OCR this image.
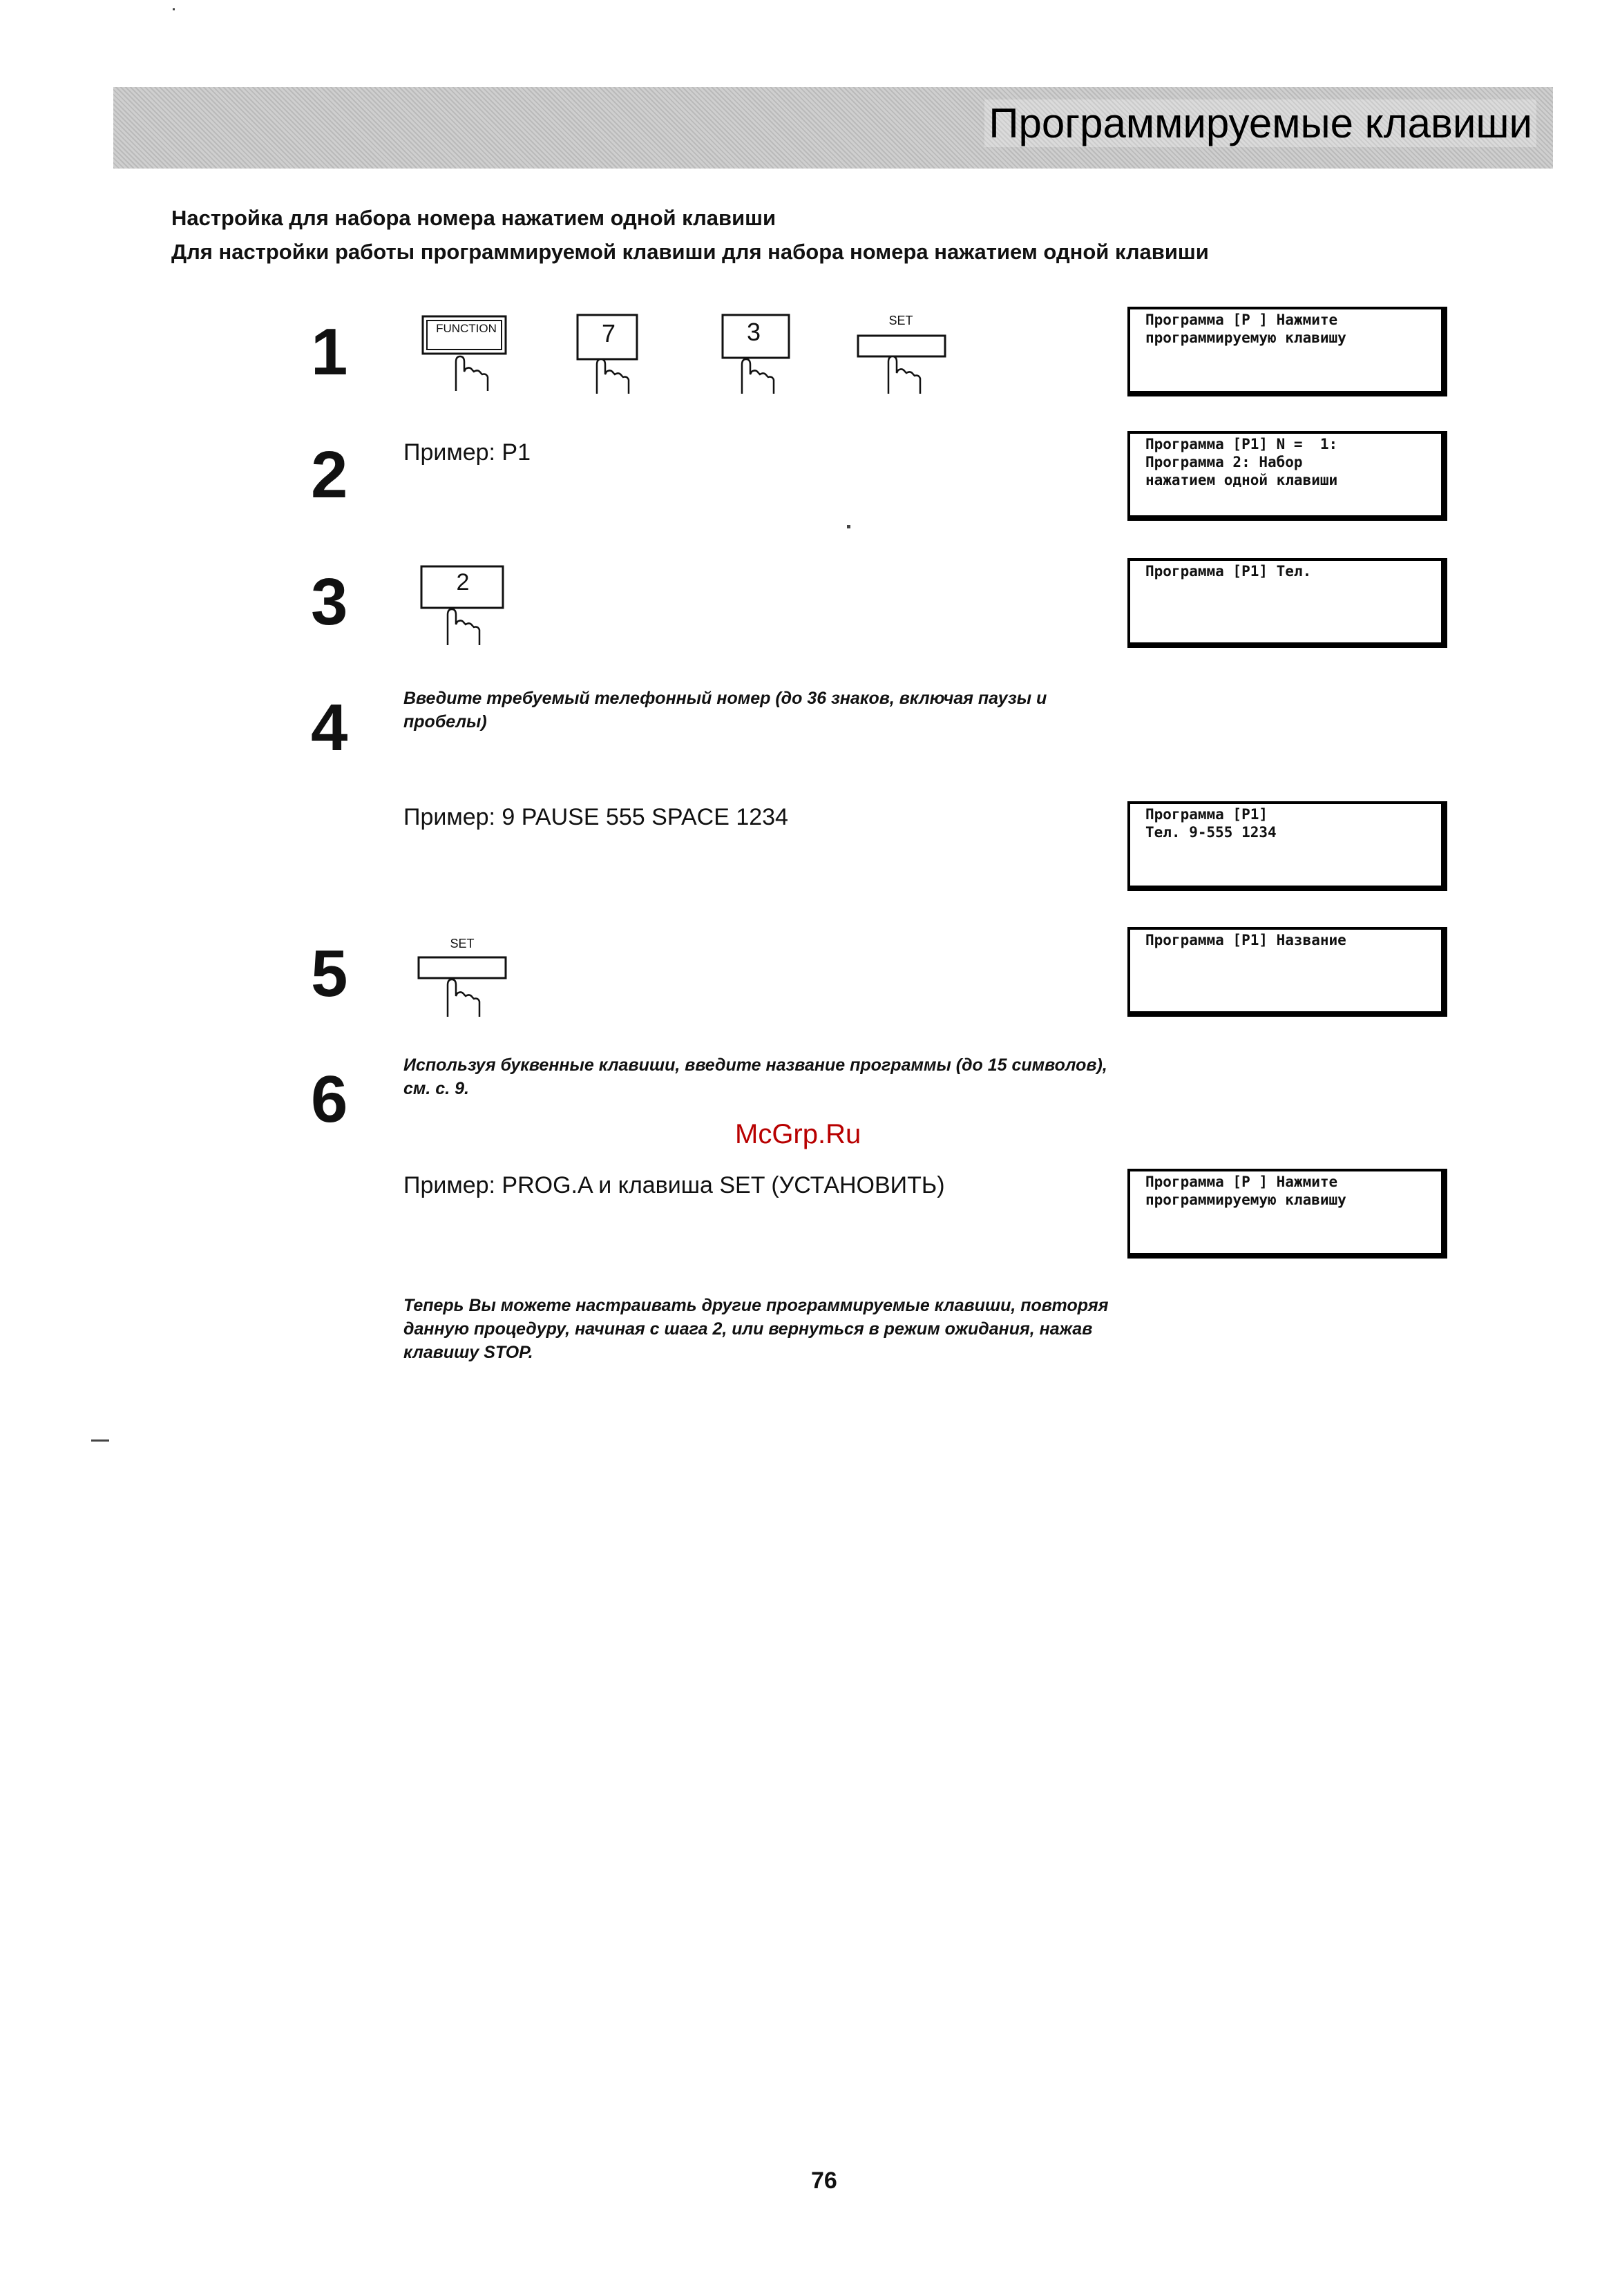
Программируемые клавиши
Настройка для набора номера нажатием одной клавиши
Для настройки работы программируемой клавиши для набора номера нажатием одной клавиши
1	FUNCTION	7	3	SET	Программа [P ] Нажмите
программируемую клавишу
2 Пример: P1	Программа [P1] N =  1:
Программа 2: Набор
нажатием одной клавиши
3	2	Программа [P1] Тел.
4	Введите требуемый телефонный номер (до 36 знаков, включая паузы и пробелы)
Пример: 9 PAUSE 555 SPACE 1234	Программа [P1]
Тел. 9-555 1234
5	SET	Программа [P1] Название
6	Используя буквенные клавиши, введите название программы (до 15 символов), см. с. 9.
McGrp.Ru
Пример: PROG.A и клавиша SET (УСТАНОВИТЬ)	Программа [P ] Нажмите
программируемую клавишу
Теперь Вы можете настраивать другие программируемые клавиши, повторяя данную процедуру, начиная с шага 2, или вернуться в режим ожидания, нажав клавишу STOP.
76
